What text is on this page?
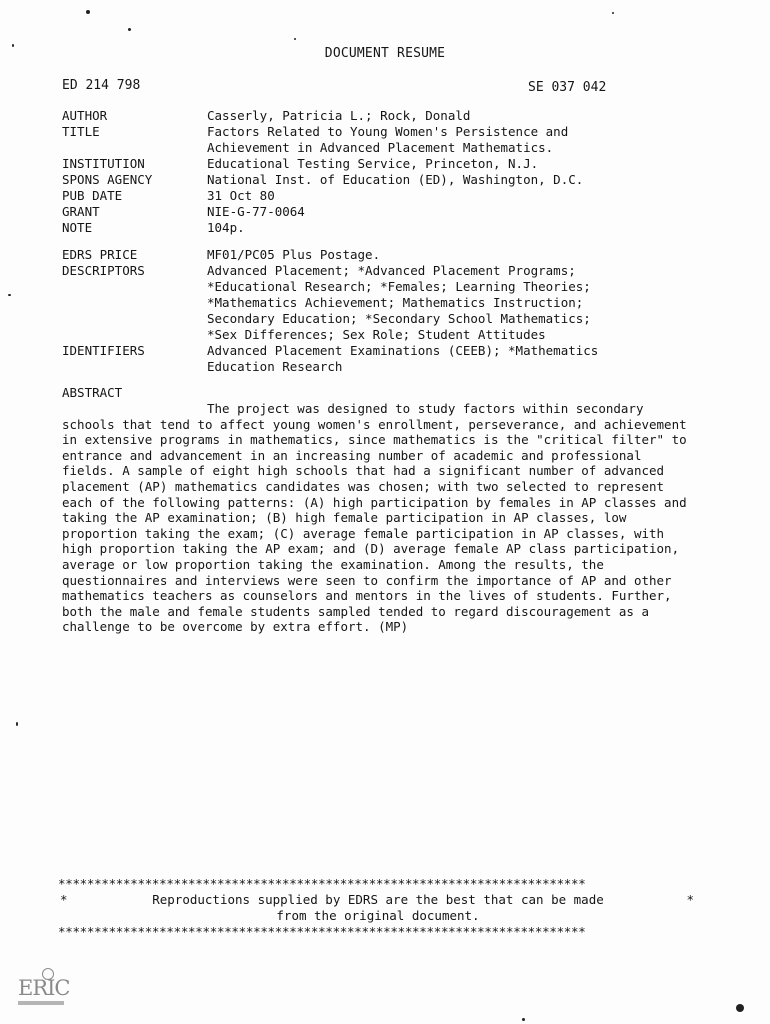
DOCUMENT RESUME
ED 214 798	SE 037 042
AUTHOR	Casserly, Patricia L.; Rock, Donald
TITLE	Factors Related to Young Women's Persistence and
Achievement in Advanced Placement Mathematics.
INSTITUTION	Educational Testing Service, Princeton, N.J.
SPONS AGENCY	National Inst. of Education (ED), Washington, D.C.
PUB DATE	31 Oct 80
GRANT	NIE-G-77-0064
NOTE	104p.
EDRS PRICE	MF01/PC05 Plus Postage.
DESCRIPTORS	Advanced Placement; *Advanced Placement Programs;
*Educational Research; *Females; Learning Theories;
*Mathematics Achievement; Mathematics Instruction;
Secondary Education; *Secondary School Mathematics;
*Sex Differences; Sex Role; Student Attitudes
IDENTIFIERS	Advanced Placement Examinations (CEEB); *Mathematics
Education Research
ABSTRACT
The project was designed to study factors within secondary schools that tend to affect young women's enrollment, perseverance, and achievement in extensive programs in mathematics, since mathematics is the "critical filter" to entrance and advancement in an increasing number of academic and professional fields. A sample of eight high schools that had a significant number of advanced placement (AP) mathematics candidates was chosen; with two selected to represent each of the following patterns: (A) high participation by females in AP classes and taking the AP examination; (B) high female participation in AP classes, low proportion taking the exam; (C) average female participation in AP classes, with high proportion taking the AP exam; and (D) average female AP class participation, average or low proportion taking the examination. Among the results, the questionnaires and interviews were seen to confirm the importance of AP and other mathematics teachers as counselors and mentors in the lives of students. Further, both the male and female students sampled tended to regard discouragement as a challenge to be overcome by extra effort. (MP)
*************************************************************************
*	Reproductions supplied by EDRS are the best that can be made
from the original document.
*
*************************************************************************
ERIC
